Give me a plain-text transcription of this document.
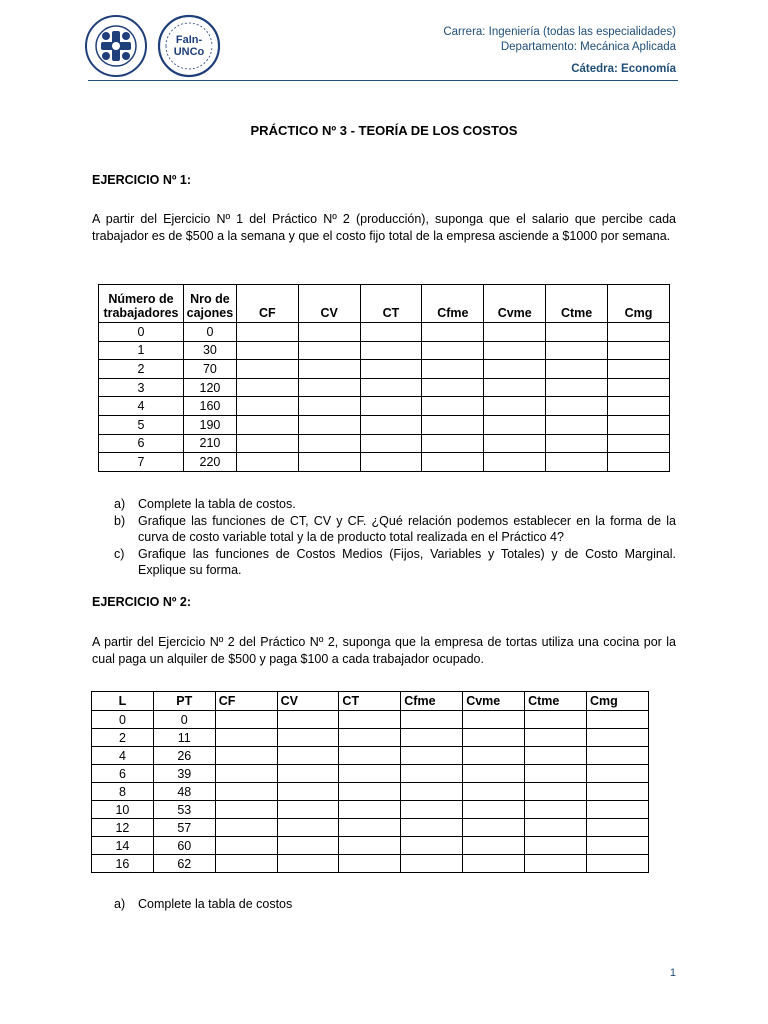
FaIn-
UNCo
Carrera: Ingeniería (todas las especialidades)
Departamento: Mecánica Aplicada
Cátedra: Economía
PRÁCTICO Nº 3 - TEORÍA DE LOS COSTOS
EJERCICIO Nº 1:
A partir del Ejercicio Nº 1 del Práctico Nº 2 (producción), suponga que el salario que percibe cada trabajador es de $500 a la semana y que el costo fijo total de la empresa asciende a $1000 por semana.
Número de trabajadores	Nro de cajones	CF	CV	CT	Cfme	Cvme	Ctme	Cmg
0	0							
1	30							
2	70							
3	120							
4	160							
5	190							
6	210							
7	220							
a) Complete la tabla de costos.
b) Grafique las funciones de CT, CV y CF. ¿Qué relación podemos establecer en la forma de la curva de costo variable total y la de producto total realizada en el Práctico 4?
c) Grafique las funciones de Costos Medios (Fijos, Variables y Totales) y de Costo Marginal. Explique su forma.
EJERCICIO Nº 2:
A partir del Ejercicio Nº 2 del Práctico Nº 2, suponga que la empresa de tortas utiliza una cocina por la cual paga un alquiler de $500 y paga $100 a cada trabajador ocupado.
L	PT	CF	CV	CT	Cfme	Cvme	Ctme	Cmg
0	0							
2	11							
4	26							
6	39							
8	48							
10	53							
12	57							
14	60							
16	62							
a) Complete la tabla de costos
1
